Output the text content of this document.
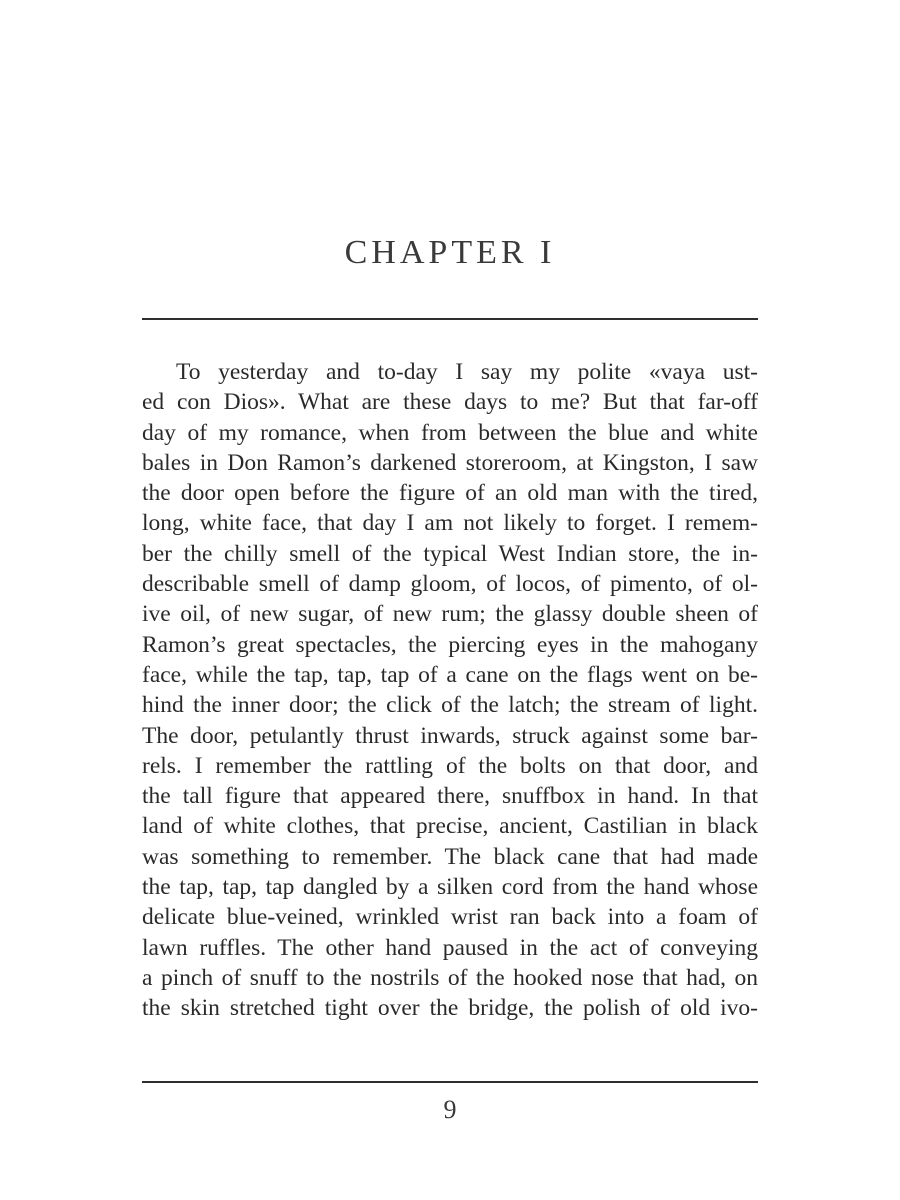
CHAPTER I
To yesterday and to-day I say my polite «vaya ust-
ed con Dios». What are these days to me? But that far-off
day of my romance, when from between the blue and white
bales in Don Ramon’s darkened storeroom, at Kingston, I saw
the door open before the figure of an old man with the tired,
long, white face, that day I am not likely to forget. I remem-
ber the chilly smell of the typical West Indian store, the in-
describable smell of damp gloom, of locos, of pimento, of ol-
ive oil, of new sugar, of new rum; the glassy double sheen of
Ramon’s great spectacles, the piercing eyes in the mahogany
face, while the tap, tap, tap of a cane on the flags went on be-
hind the inner door; the click of the latch; the stream of light.
The door, petulantly thrust inwards, struck against some bar-
rels. I remember the rattling of the bolts on that door, and
the tall figure that appeared there, snuffbox in hand. In that
land of white clothes, that precise, ancient, Castilian in black
was something to remember. The black cane that had made
the tap, tap, tap dangled by a silken cord from the hand whose
delicate blue-veined, wrinkled wrist ran back into a foam of
lawn ruffles. The other hand paused in the act of conveying
a pinch of snuff to the nostrils of the hooked nose that had, on
the skin stretched tight over the bridge, the polish of old ivo-
9
